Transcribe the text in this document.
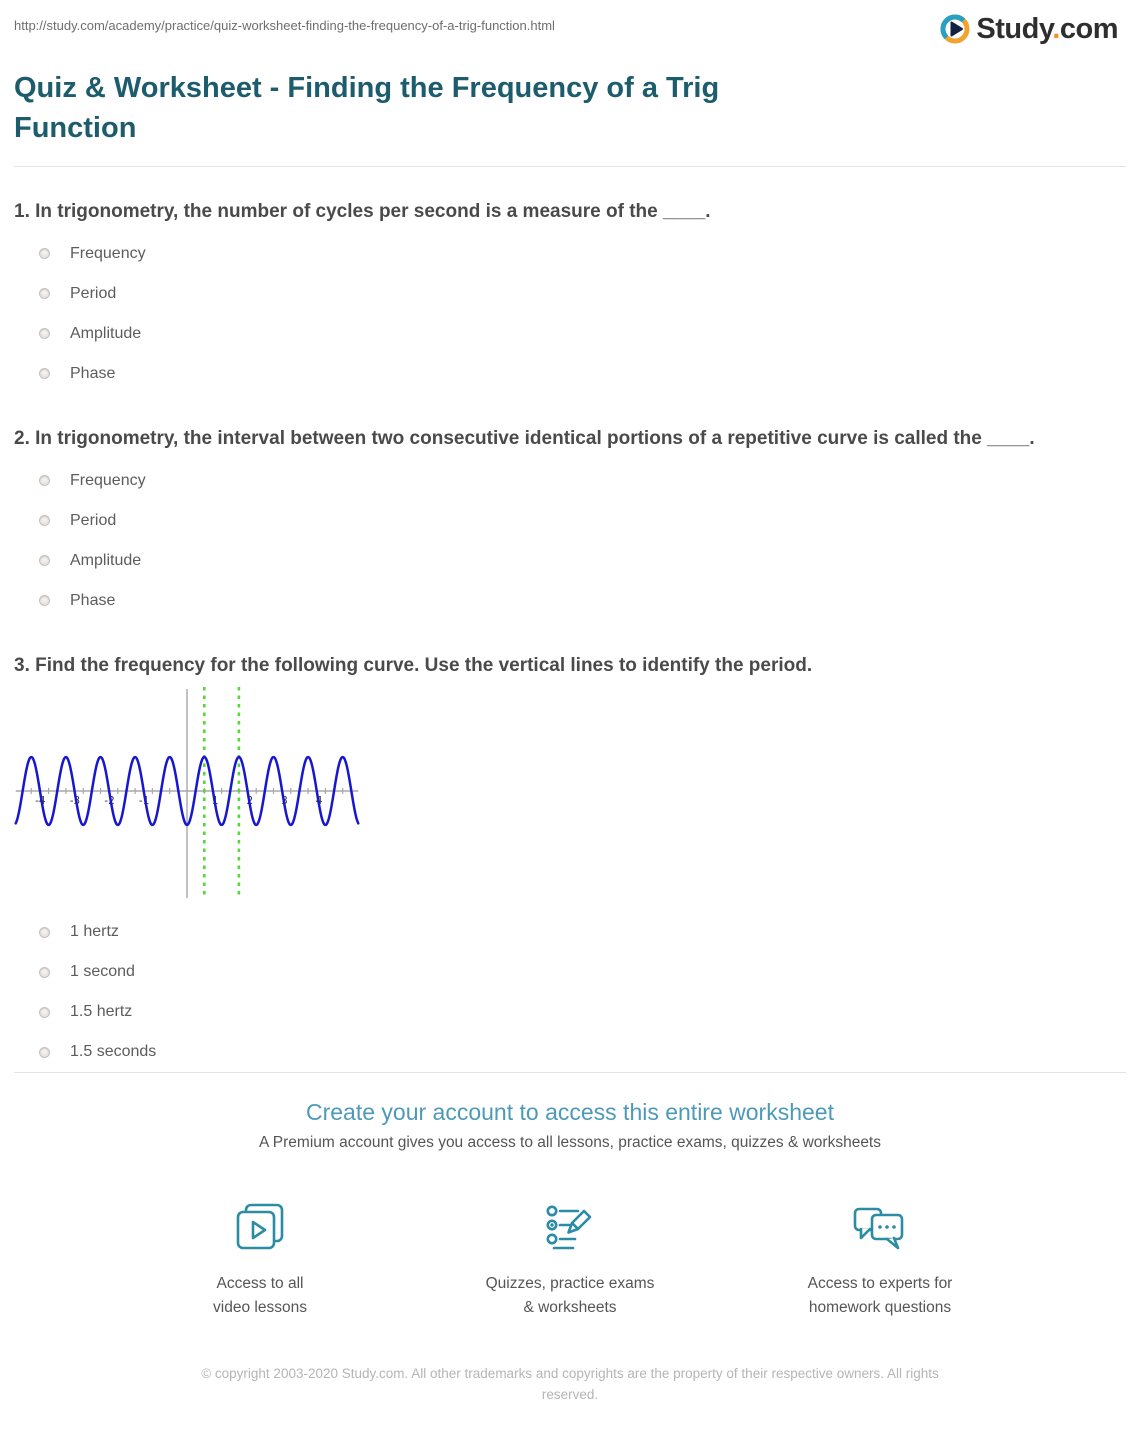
http://study.com/academy/practice/quiz-worksheet-finding-the-frequency-of-a-trig-function.html	Study.com
Quiz & Worksheet - Finding the Frequency of a Trig Function
1. In trigonometry, the number of cycles per second is a measure of the ____.
Frequency
Period
Amplitude
Phase
2. In trigonometry, the interval between two consecutive identical portions of a repetitive curve is called the ____.
Frequency
Period
Amplitude
Phase
3. Find the frequency for the following curve. Use the vertical lines to identify the period.
-4 -3 -2 -1	1	2	3	4
1 hertz
1 second
1.5 hertz
1.5 seconds
Create your account to access this entire worksheet

A Premium account gives you access to all lessons, practice exams, quizzes & worksheets

Access to all
video lessons
Quizzes, practice exams
& worksheets
Access to experts for
homework questions

© copyright 2003-2020 Study.com. All other trademarks and copyrights are the property of their respective owners. All rights reserved.
